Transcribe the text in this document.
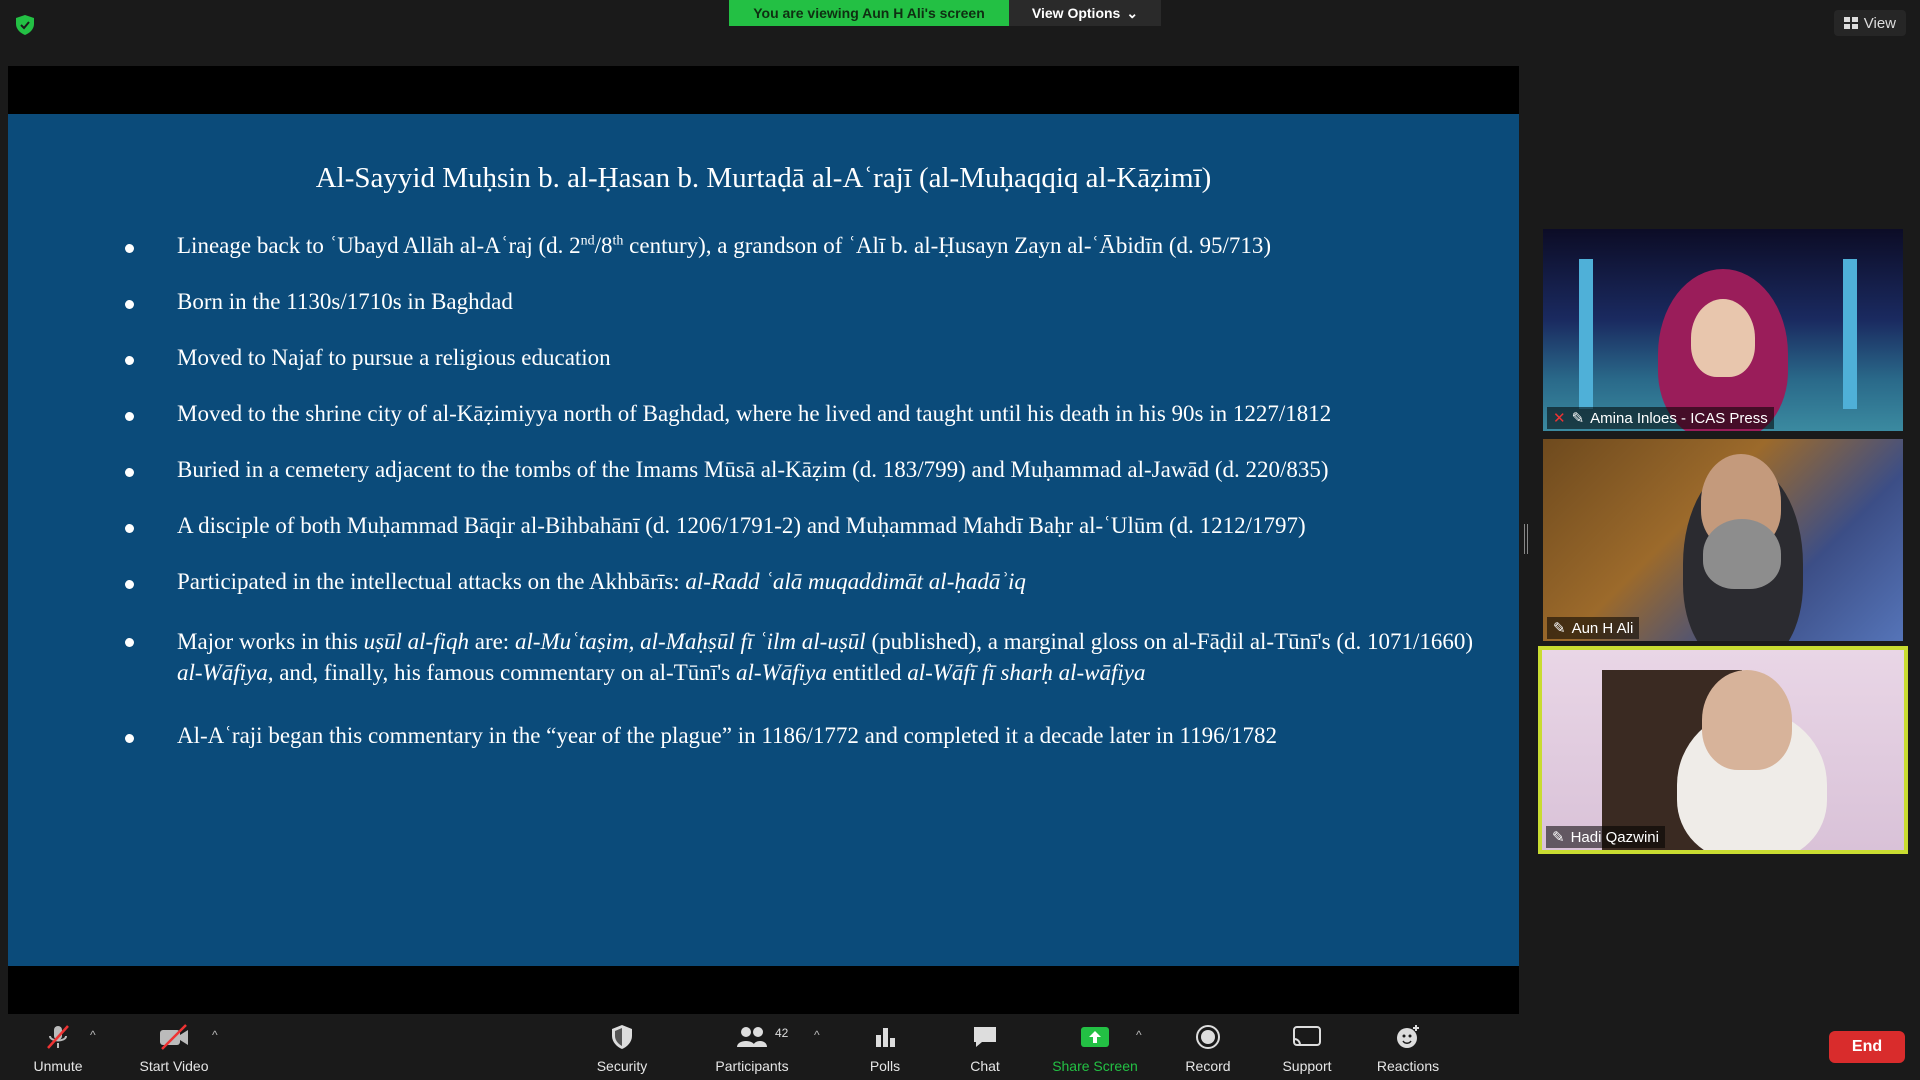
You are viewing Aun H Ali's screen	View Options ⌄
View
Al-Sayyid Muḥsin b. al-Ḥasan b. Murtaḍā al-Aʿrajī (al-Muḥaqqiq al-Kāẓimī)
Lineage back to ʿUbayd Allāh al-Aʿraj (d. 2nd/8th century), a grandson of ʿAlī b. al-Ḥusayn Zayn al-ʿĀbidīn (d. 95/713)
Born in the 1130s/1710s in Baghdad
Moved to Najaf to pursue a religious education
Moved to the shrine city of al-Kāẓimiyya north of Baghdad, where he lived and taught until his death in his 90s in 1227/1812
Buried in a cemetery adjacent to the tombs of the Imams Mūsā al-Kāẓim (d. 183/799) and Muḥammad al-Jawād (d. 220/835)
A disciple of both Muḥammad Bāqir al-Bihbahānī (d. 1206/1791-2) and Muḥammad Mahdī Baḥr al-ʿUlūm (d. 1212/1797)
Participated in the intellectual attacks on the Akhbārīs: al-Radd ʿalā muqaddimāt al-ḥadāʾiq
Major works in this uṣūl al-fiqh are: al-Muʿtaṣim, al-Maḥṣūl fī ʿilm al-uṣūl (published), a marginal gloss on al-Fāḍil al-Tūnī's (d. 1071/1660) al-Wāfiya, and, finally, his famous commentary on al-Tūnī's al-Wāfiya entitled al-Wāfī fī sharḥ al-wāfiya
Al-Aʿraji began this commentary in the “year of the plague” in 1186/1772 and completed it a decade later in 1196/1782
✕ ✎ Amina Inloes - ICAS Press
✎ Aun H Ali
✎ Hadi Qazwini
Unmute
^
Start Video
^
Security	Participants
42 ^
Polls	Chat	Share Screen
^
Record	Support	Reactions
End
